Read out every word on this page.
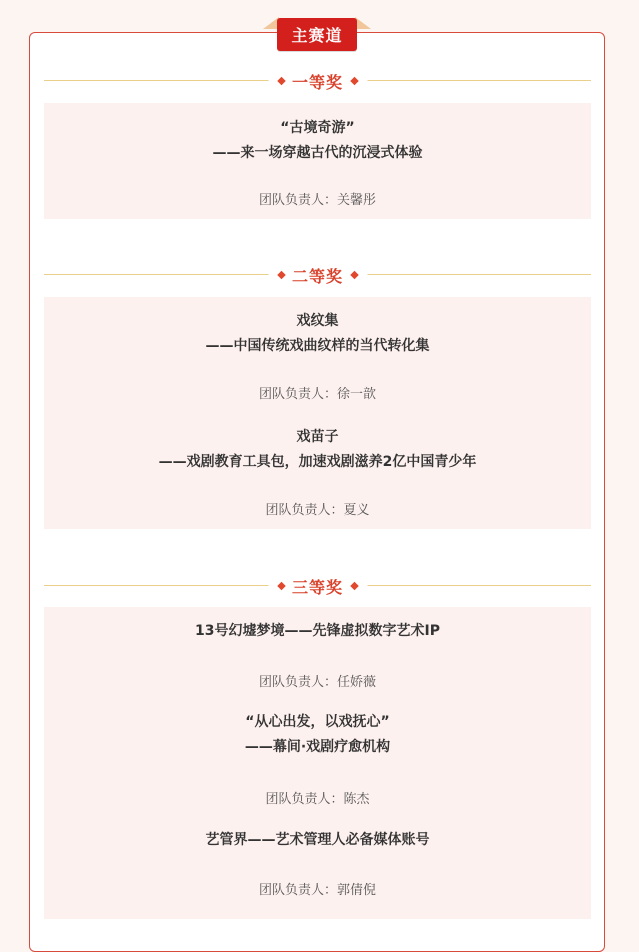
主赛道
一等奖
“古境奇游”
——来一场穿越古代的沉浸式体验
团队负责人：关馨彤
二等奖
戏纹集
——中国传统戏曲纹样的当代转化集
团队负责人：徐一歆
戏苗子
——戏剧教育工具包，加速戏剧滋养2亿中国青少年
团队负责人：夏义
三等奖
13号幻墟梦境——先锋虚拟数字艺术IP
团队负责人：任娇薇
“从心出发，以戏抚心”
——幕间·戏剧疗愈机构
团队负责人：陈杰
艺管界——艺术管理人必备媒体账号
团队负责人：郭倩倪
